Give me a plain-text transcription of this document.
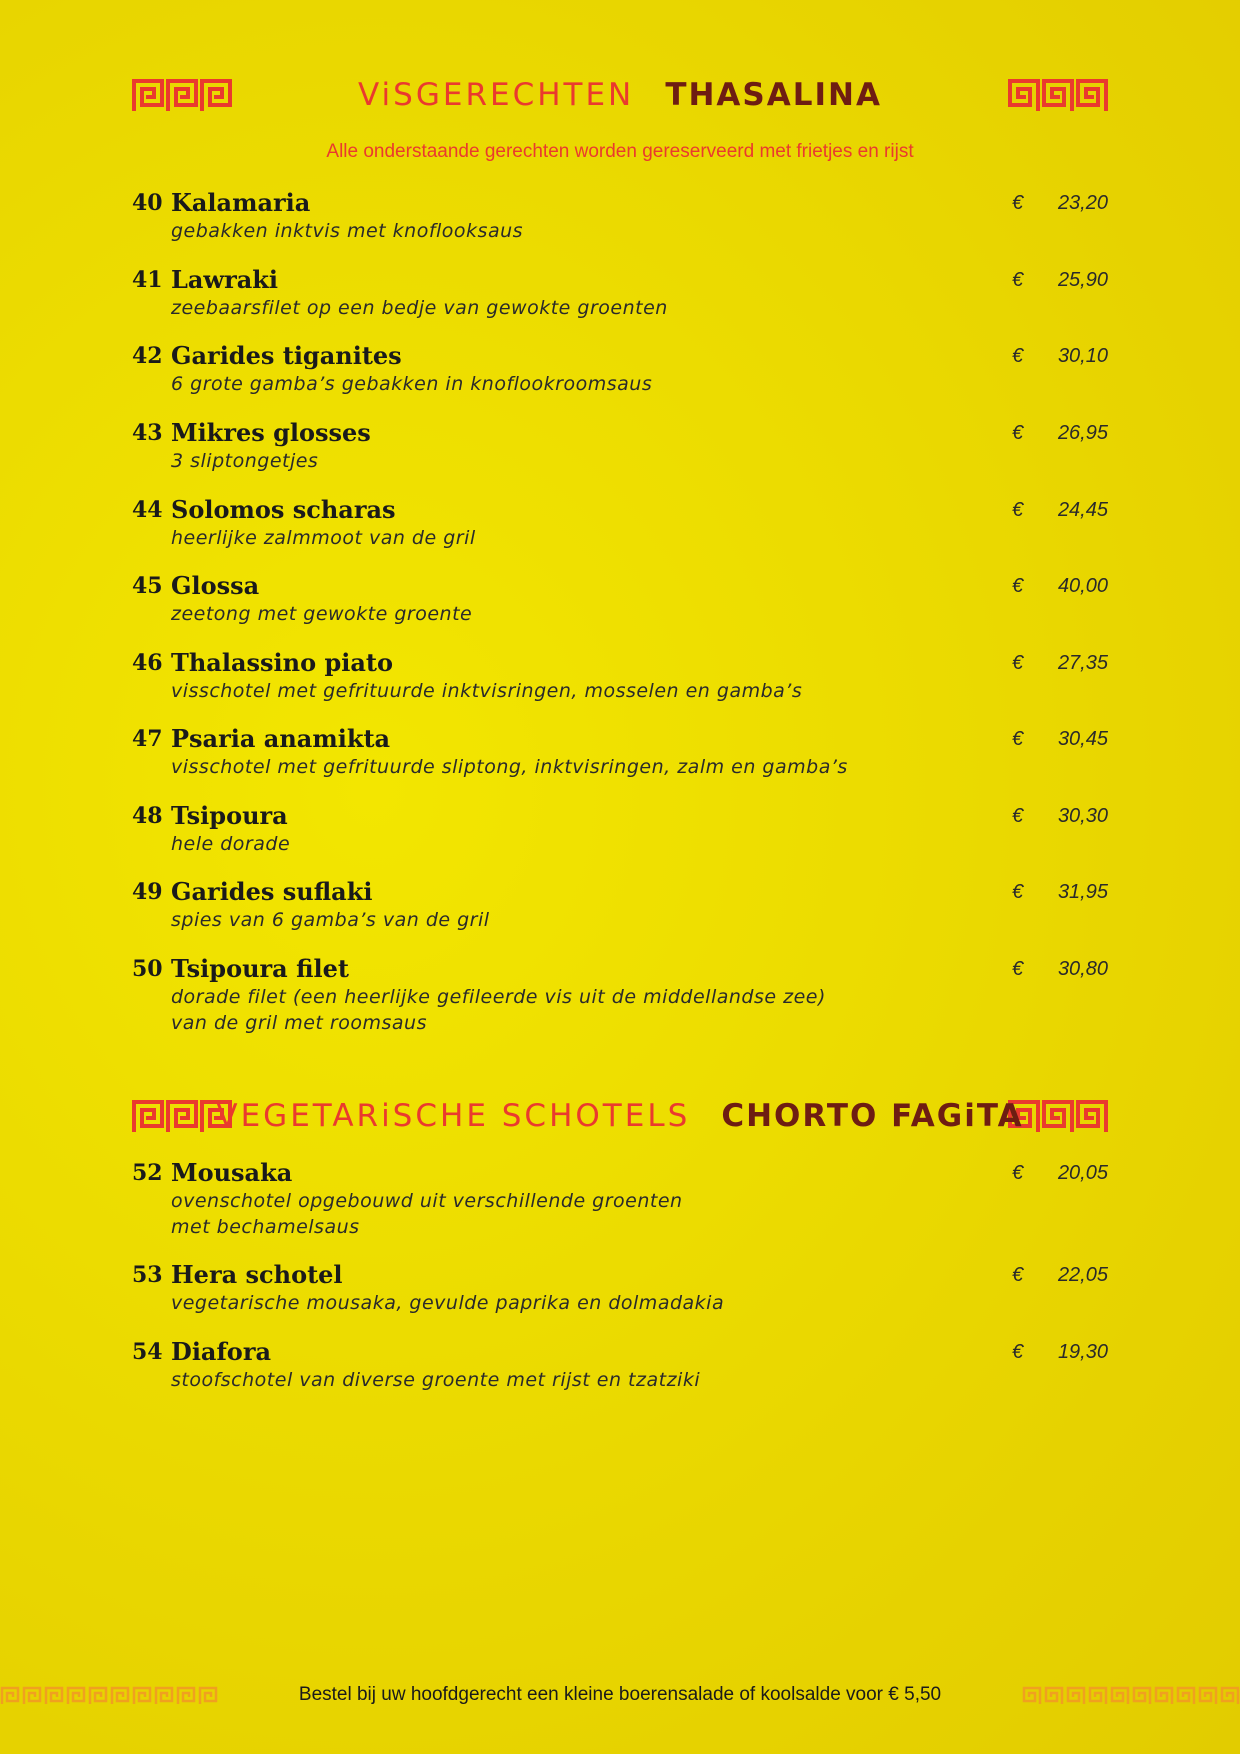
ViSGERECHTEN THASALINA
Alle onderstaande gerechten worden gereserveerd met frietjes en rijst
40 Kalamaria
gebakken inktvis met knoflooksaus
€ 23,20
41 Lawraki
zeebaarsfilet op een bedje van gewokte groenten
€ 25,90
42 Garides tiganites
6 grote gamba’s gebakken in knoflookroomsaus
€ 30,10
43 Mikres glosses
3 sliptongetjes
€ 26,95
44 Solomos scharas
heerlijke zalmmoot van de gril
€ 24,45
45 Glossa
zeetong met gewokte groente
€ 40,00
46 Thalassino piato
visschotel met gefrituurde inktvisringen, mosselen en gamba’s
€ 27,35
47 Psaria anamikta
visschotel met gefrituurde sliptong, inktvisringen, zalm en gamba’s
€ 30,45
48 Tsipoura
hele dorade
€ 30,30
49 Garides suflaki
spies van 6 gamba’s van de gril
€ 31,95
50 Tsipoura filet
dorade filet (een heerlijke gefileerde vis uit de middellandse zee)
van de gril met roomsaus
€ 30,80
VEGETARiSCHE SCHOTELS CHORTO FAGiTA
52 Mousaka
ovenschotel opgebouwd uit verschillende groenten
met bechamelsaus
€ 20,05
53 Hera schotel
vegetarische mousaka, gevulde paprika en dolmadakia
€ 22,05
54 Diafora
stoofschotel van diverse groente met rijst en tzatziki
€ 19,30
Bestel bij uw hoofdgerecht een kleine boerensalade of koolsalde voor € 5,50
